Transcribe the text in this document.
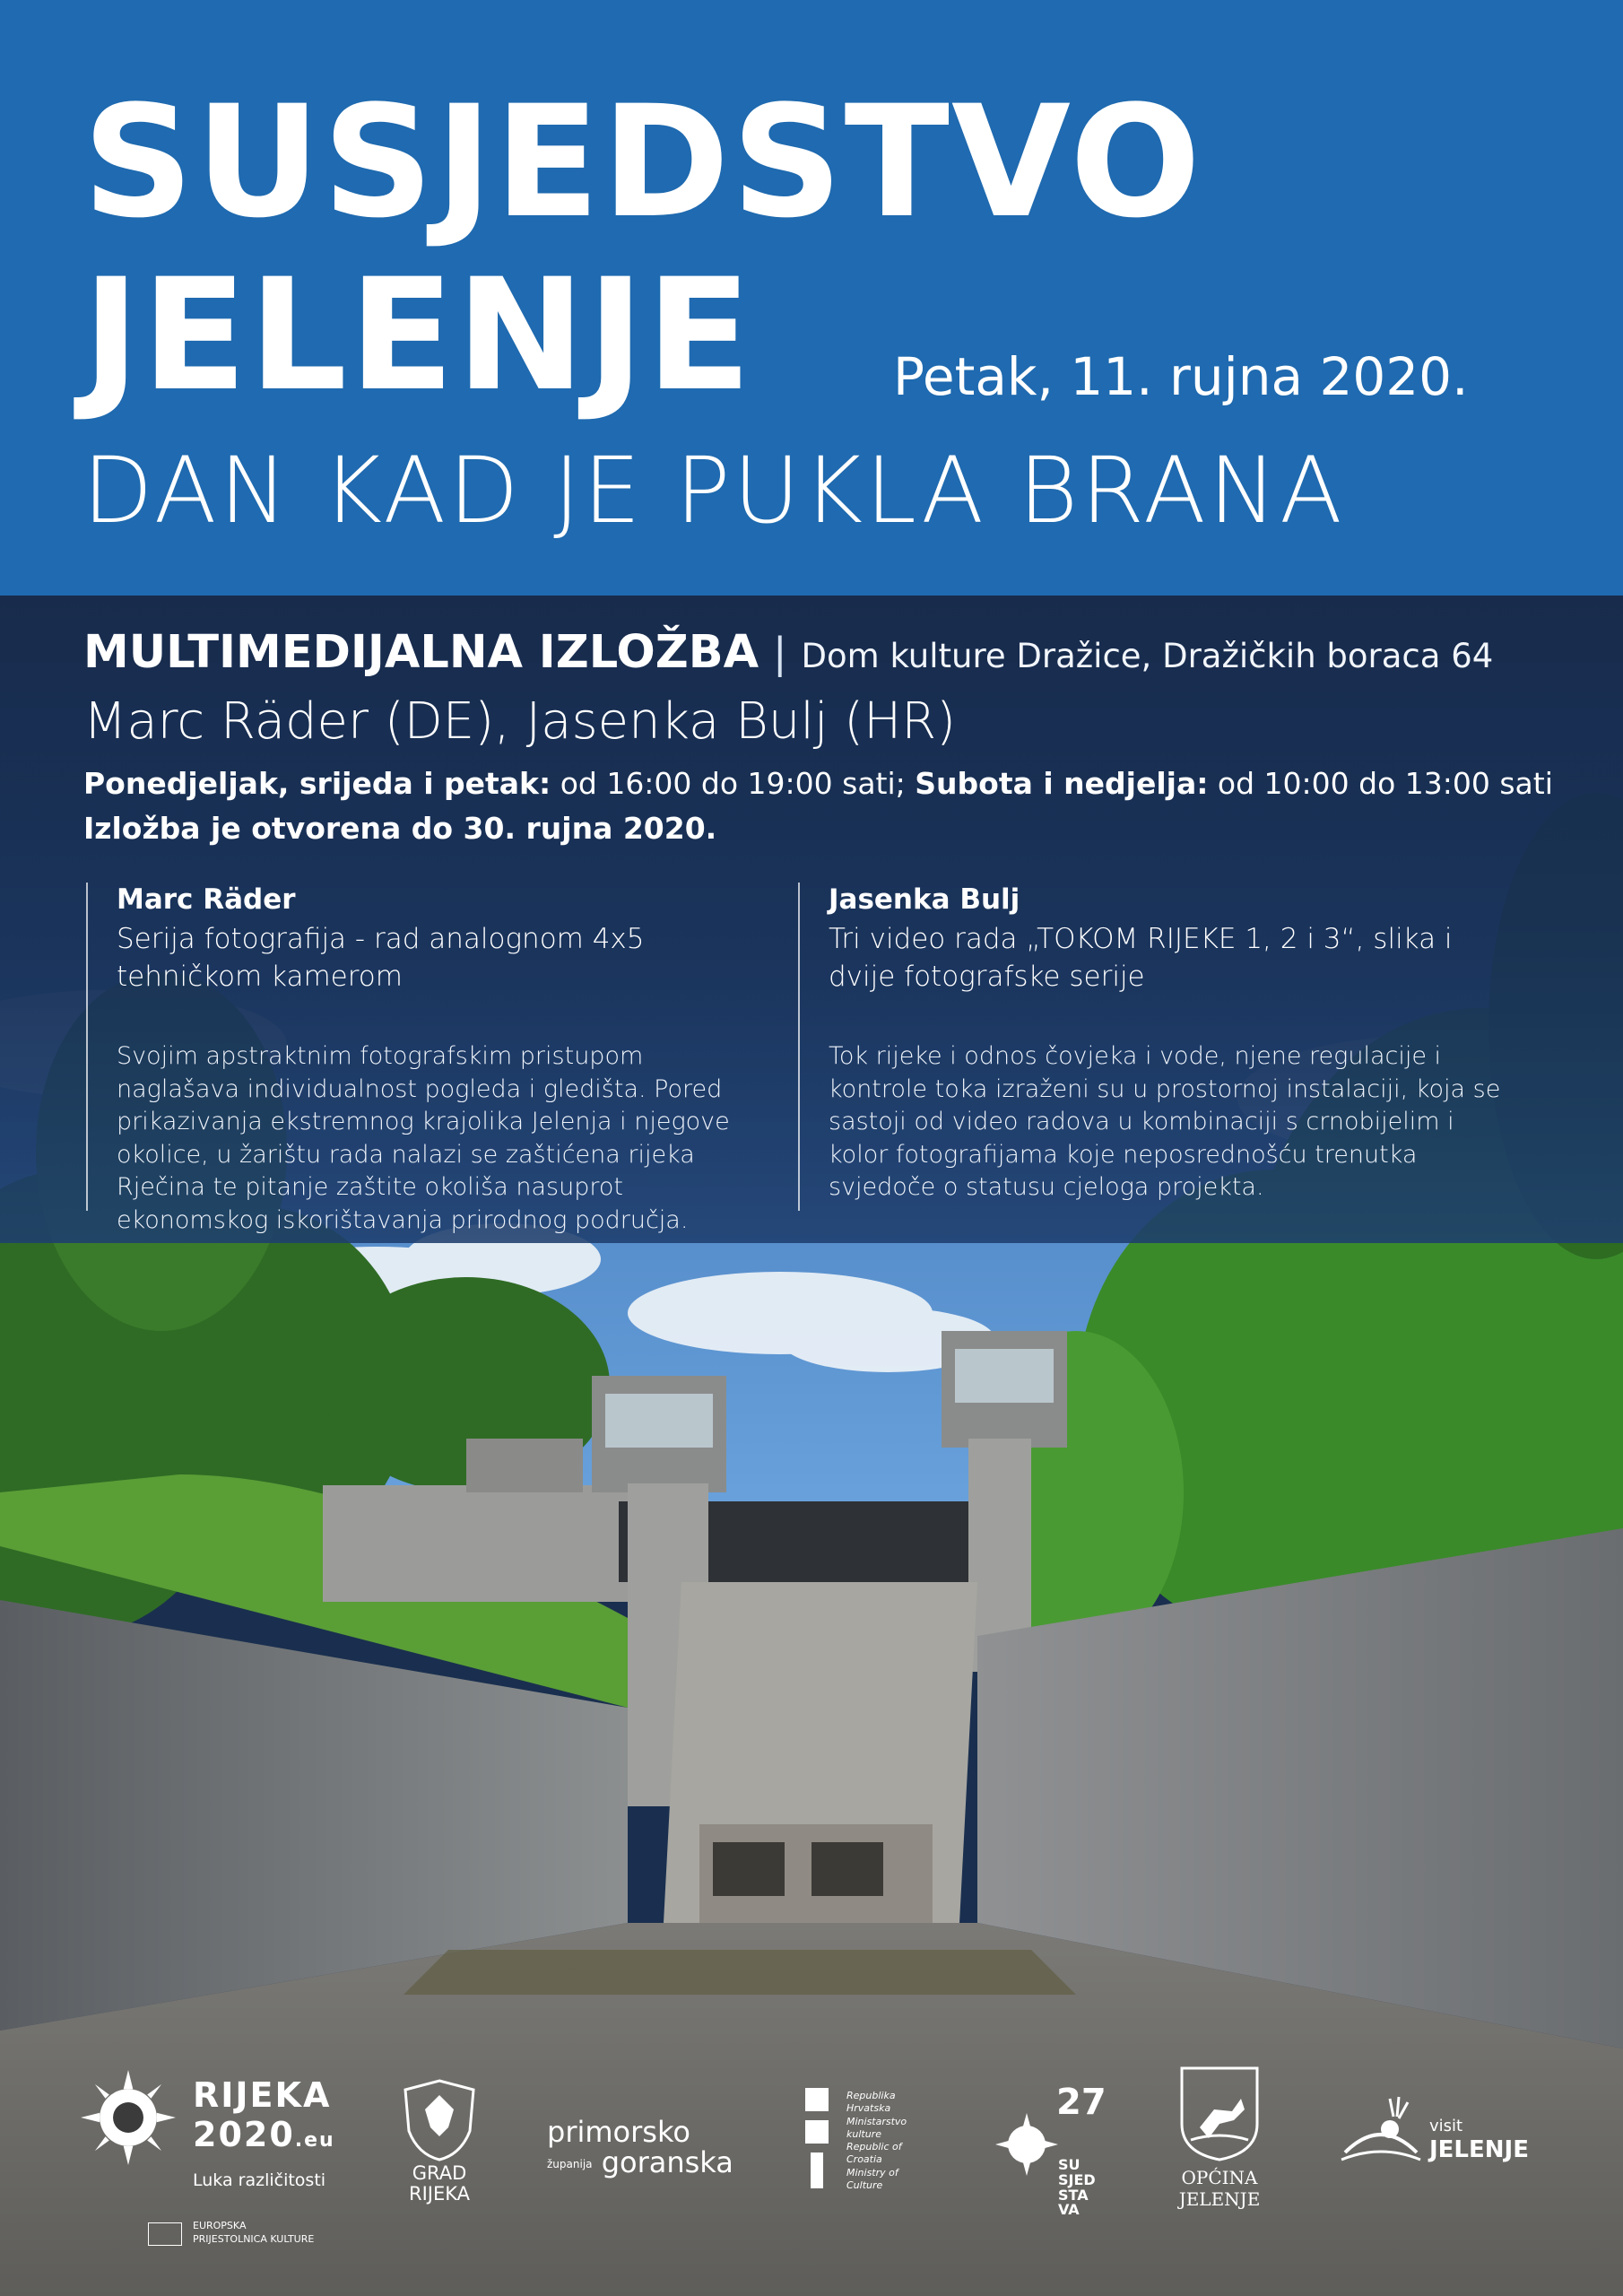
SUSJEDSTVO
JELENJE	Petak, 11. rujna 2020.
DAN KAD JE PUKLA BRANA
MULTIMEDIJALNA IZLOŽBA | Dom kulture Dražice, Dražičkih boraca 64
Marc Räder (DE), Jasenka Bulj (HR)
Ponedjeljak, srijeda i petak: od 16:00 do 19:00 sati; Subota i nedjelja: od 10:00 do 13:00 sati
Izložba je otvorena do 30. rujna 2020.

Marc Räder

Serija fotografija - rad analognom 4x5 tehničkom kamerom

Svojim apstraktnim fotografskim pristupom naglašava individualnost pogleda i gledišta. Pored prikazivanja ekstremnog krajolika Jelenja i njegove okolice, u žarištu rada nalazi se zaštićena rijeka Rječina te pitanje zaštite okoliša nasuprot ekonomskog iskorištavanja prirodnog područja.

Jasenka Bulj

Tri video rada „TOKOM RIJEKE 1, 2 i 3“, slika i dvije fotografske serije

Tok rijeke i odnos čovjeka i vode, njene regulacije i kontrole toka izraženi su u prostornoj instalaciji, koja se sastoji od video radova u kombinaciji s crnobijelim i kolor fotografijama koje neposrednošću trenutka svjedoče o statusu cjeloga projekta.

RIJEKA
2020.eu
Luka različitosti
EUROPSKA PRIJESTOLNICA KULTURE
GRAD
RIJEKA
primorsko
županija goranska
Republika Hrvatska Ministarstvo kulture Republic of Croatia Ministry of Culture
27
SU SJED STA VA
OPĆINA
JELENJE
visit
JELENJE
